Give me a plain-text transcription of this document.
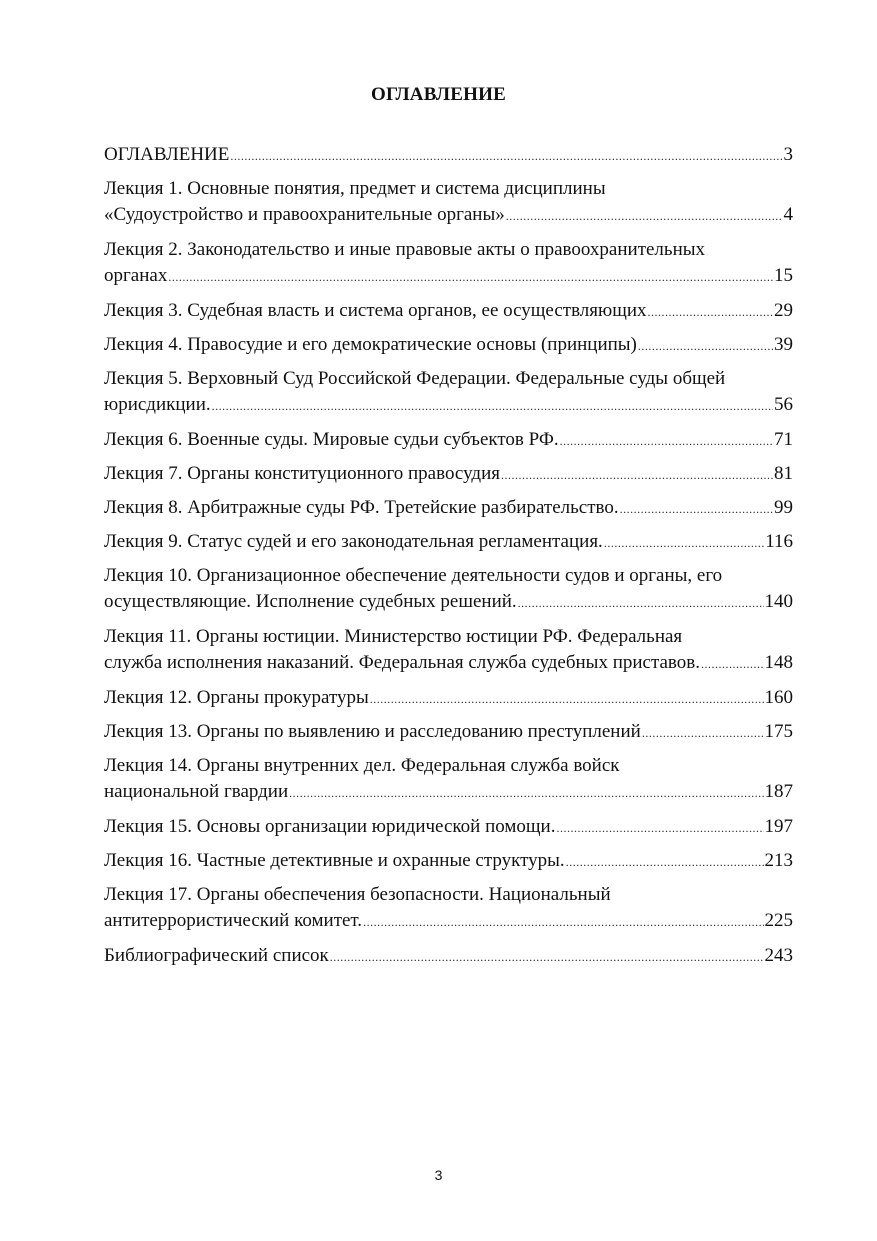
ОГЛАВЛЕНИЕ
ОГЛАВЛЕНИЕ .....	3
Лекция 1. Основные понятия, предмет и система дисциплины
«Судоустройство и правоохранительные органы» .....	4
Лекция 2. Законодательство и иные правовые акты о правоохранительных
органах .....	15
Лекция 3. Судебная власть и система органов, ее осуществляющих .....	29
Лекция 4. Правосудие и его демократические основы (принципы) .....	39
Лекция 5. Верховный Суд Российской Федерации. Федеральные суды общей
юрисдикции. .....	56
Лекция 6. Военные суды. Мировые судьи субъектов РФ. .....	71
Лекция 7. Органы конституционного правосудия .....	81
Лекция 8. Арбитражные суды РФ. Третейские разбирательство. .....	99
Лекция 9. Статус судей и его законодательная регламентация. .....	116
Лекция 10. Организационное обеспечение деятельности судов и органы, его
осуществляющие. Исполнение судебных решений. .....	140
Лекция 11. Органы юстиции. Министерство юстиции РФ. Федеральная
служба исполнения наказаний. Федеральная служба судебных приставов. .....	148
Лекция 12. Органы прокуратуры .....	160
Лекция 13. Органы по выявлению и расследованию преступлений .....	175
Лекция 14. Органы внутренних дел. Федеральная служба войск
национальной гвардии .....	187
Лекция 15. Основы организации юридической помощи. .....	197
Лекция 16. Частные детективные и охранные структуры. .....	213
Лекция 17. Органы обеспечения безопасности. Национальный
антитеррористический комитет. .....	225
Библиографический список .....	243
3
